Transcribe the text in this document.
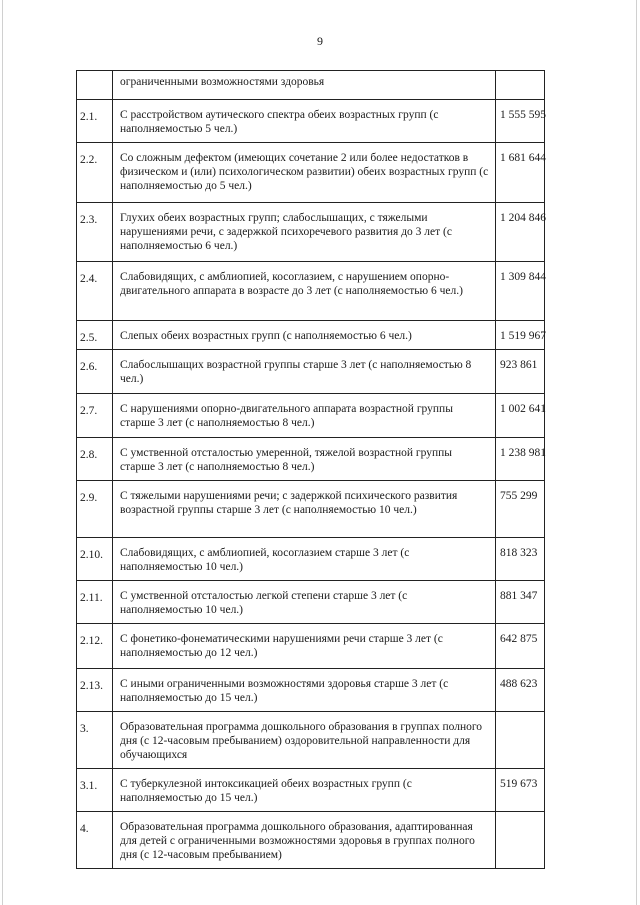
9
	ограниченными возможностями здоровья	
2.1.	С расстройством аутического спектра обеих возрастных групп (с наполняемостью 5 чел.)	1 555 595
2.2.	Со сложным дефектом (имеющих сочетание 2 или более недостатков в физическом и (или) психологическом развитии) обеих возрастных групп (с наполняемостью до 5 чел.)	1 681 644
2.3.	Глухих обеих возрастных групп; слабослышащих, с тяжелыми нарушениями речи, с задержкой психоречевого развития до 3 лет (с наполняемостью 6 чел.)	1 204 846
2.4.	Слабовидящих, с амблиопией, косоглазием, с нарушением опорно-двигательного аппарата в возрасте до 3 лет (с наполняемостью 6 чел.)	1 309 844
2.5.	Слепых обеих возрастных групп (с наполняемостью 6 чел.)	1 519 967
2.6.	Слабослышащих возрастной группы старше 3 лет (с наполняемостью 8 чел.)	923 861
2.7.	С нарушениями опорно-двигательного аппарата возрастной группы старше 3 лет (с наполняемостью 8 чел.)	1 002 641
2.8.	С умственной отсталостью умеренной, тяжелой возрастной группы старше 3 лет (с наполняемостью 8 чел.)	1 238 981
2.9.	С тяжелыми нарушениями речи; с задержкой психического развития возрастной группы старше 3 лет (с наполняемостью 10 чел.)	755 299
2.10.	Слабовидящих, с амблиопией, косоглазием старше 3 лет (с наполняемостью 10 чел.)	818 323
2.11.	С умственной отсталостью легкой степени старше 3 лет (с наполняемостью 10 чел.)	881 347
2.12.	С фонетико-фонематическими нарушениями речи старше 3 лет (с наполняемостью до 12 чел.)	642 875
2.13.	С иными ограниченными возможностями здоровья старше 3 лет (с наполняемостью до 15 чел.)	488 623
3.	Образовательная программа дошкольного образования в группах полного дня (с 12-часовым пребыванием) оздоровительной направленности для обучающихся	
3.1.	С туберкулезной интоксикацией обеих возрастных групп (с наполняемостью до 15 чел.)	519 673
4.	Образовательная программа дошкольного образования, адаптированная для детей с ограниченными возможностями здоровья в группах полного дня (с 12-часовым пребыванием)	
